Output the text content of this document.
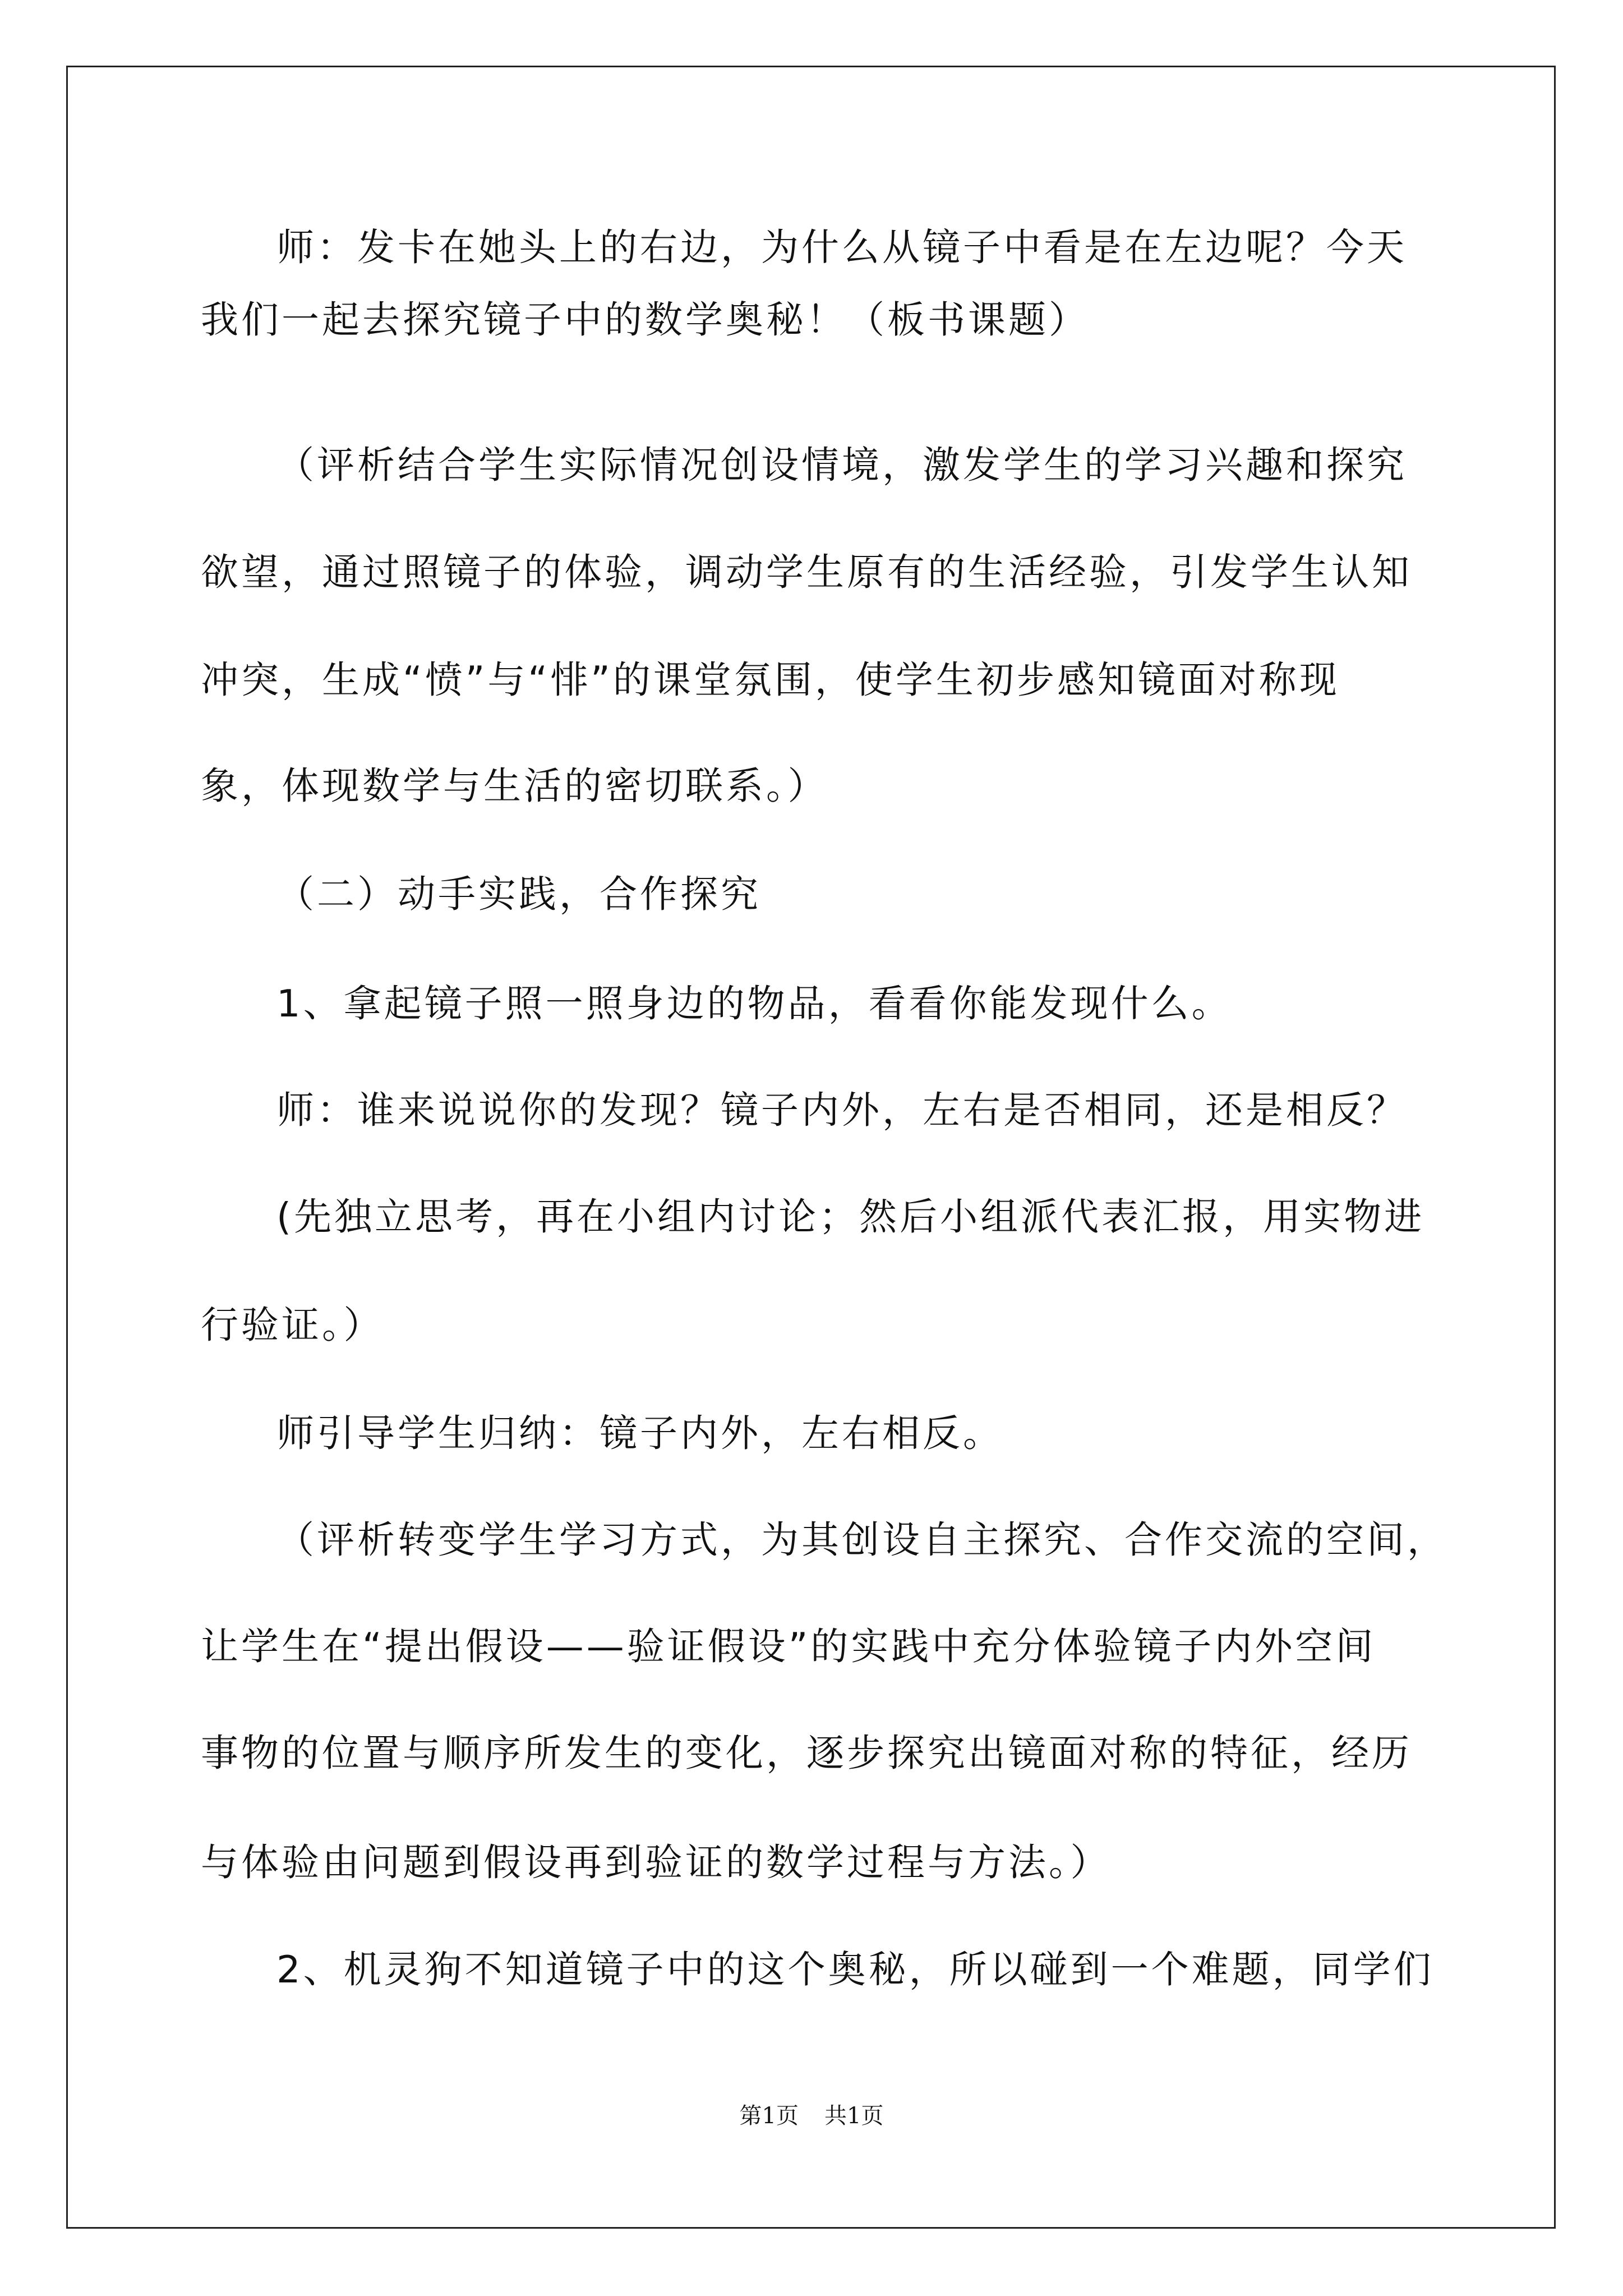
师：发卡在她头上的右边，为什么从镜子中看是在左边呢？今天
我们一起去探究镜子中的数学奥秘！（板书课题）
（评析结合学生实际情况创设情境，激发学生的学习兴趣和探究
欲望，通过照镜子的体验，调动学生原有的生活经验，引发学生认知
冲突，生成“愤”与“悱”的课堂氛围，使学生初步感知镜面对称现
象，体现数学与生活的密切联系。）
（二）动手实践，合作探究
1、拿起镜子照一照身边的物品，看看你能发现什么。
师：谁来说说你的发现？镜子内外，左右是否相同，还是相反？
(先独立思考，再在小组内讨论；然后小组派代表汇报，用实物进
行验证。）
师引导学生归纳：镜子内外，左右相反。
（评析转变学生学习方式，为其创设自主探究、合作交流的空间，
让学生在“提出假设——验证假设”的实践中充分体验镜子内外空间
事物的位置与顺序所发生的变化，逐步探究出镜面对称的特征，经历
与体验由问题到假设再到验证的数学过程与方法。）
2、机灵狗不知道镜子中的这个奥秘，所以碰到一个难题，同学们
第1页 共1页
